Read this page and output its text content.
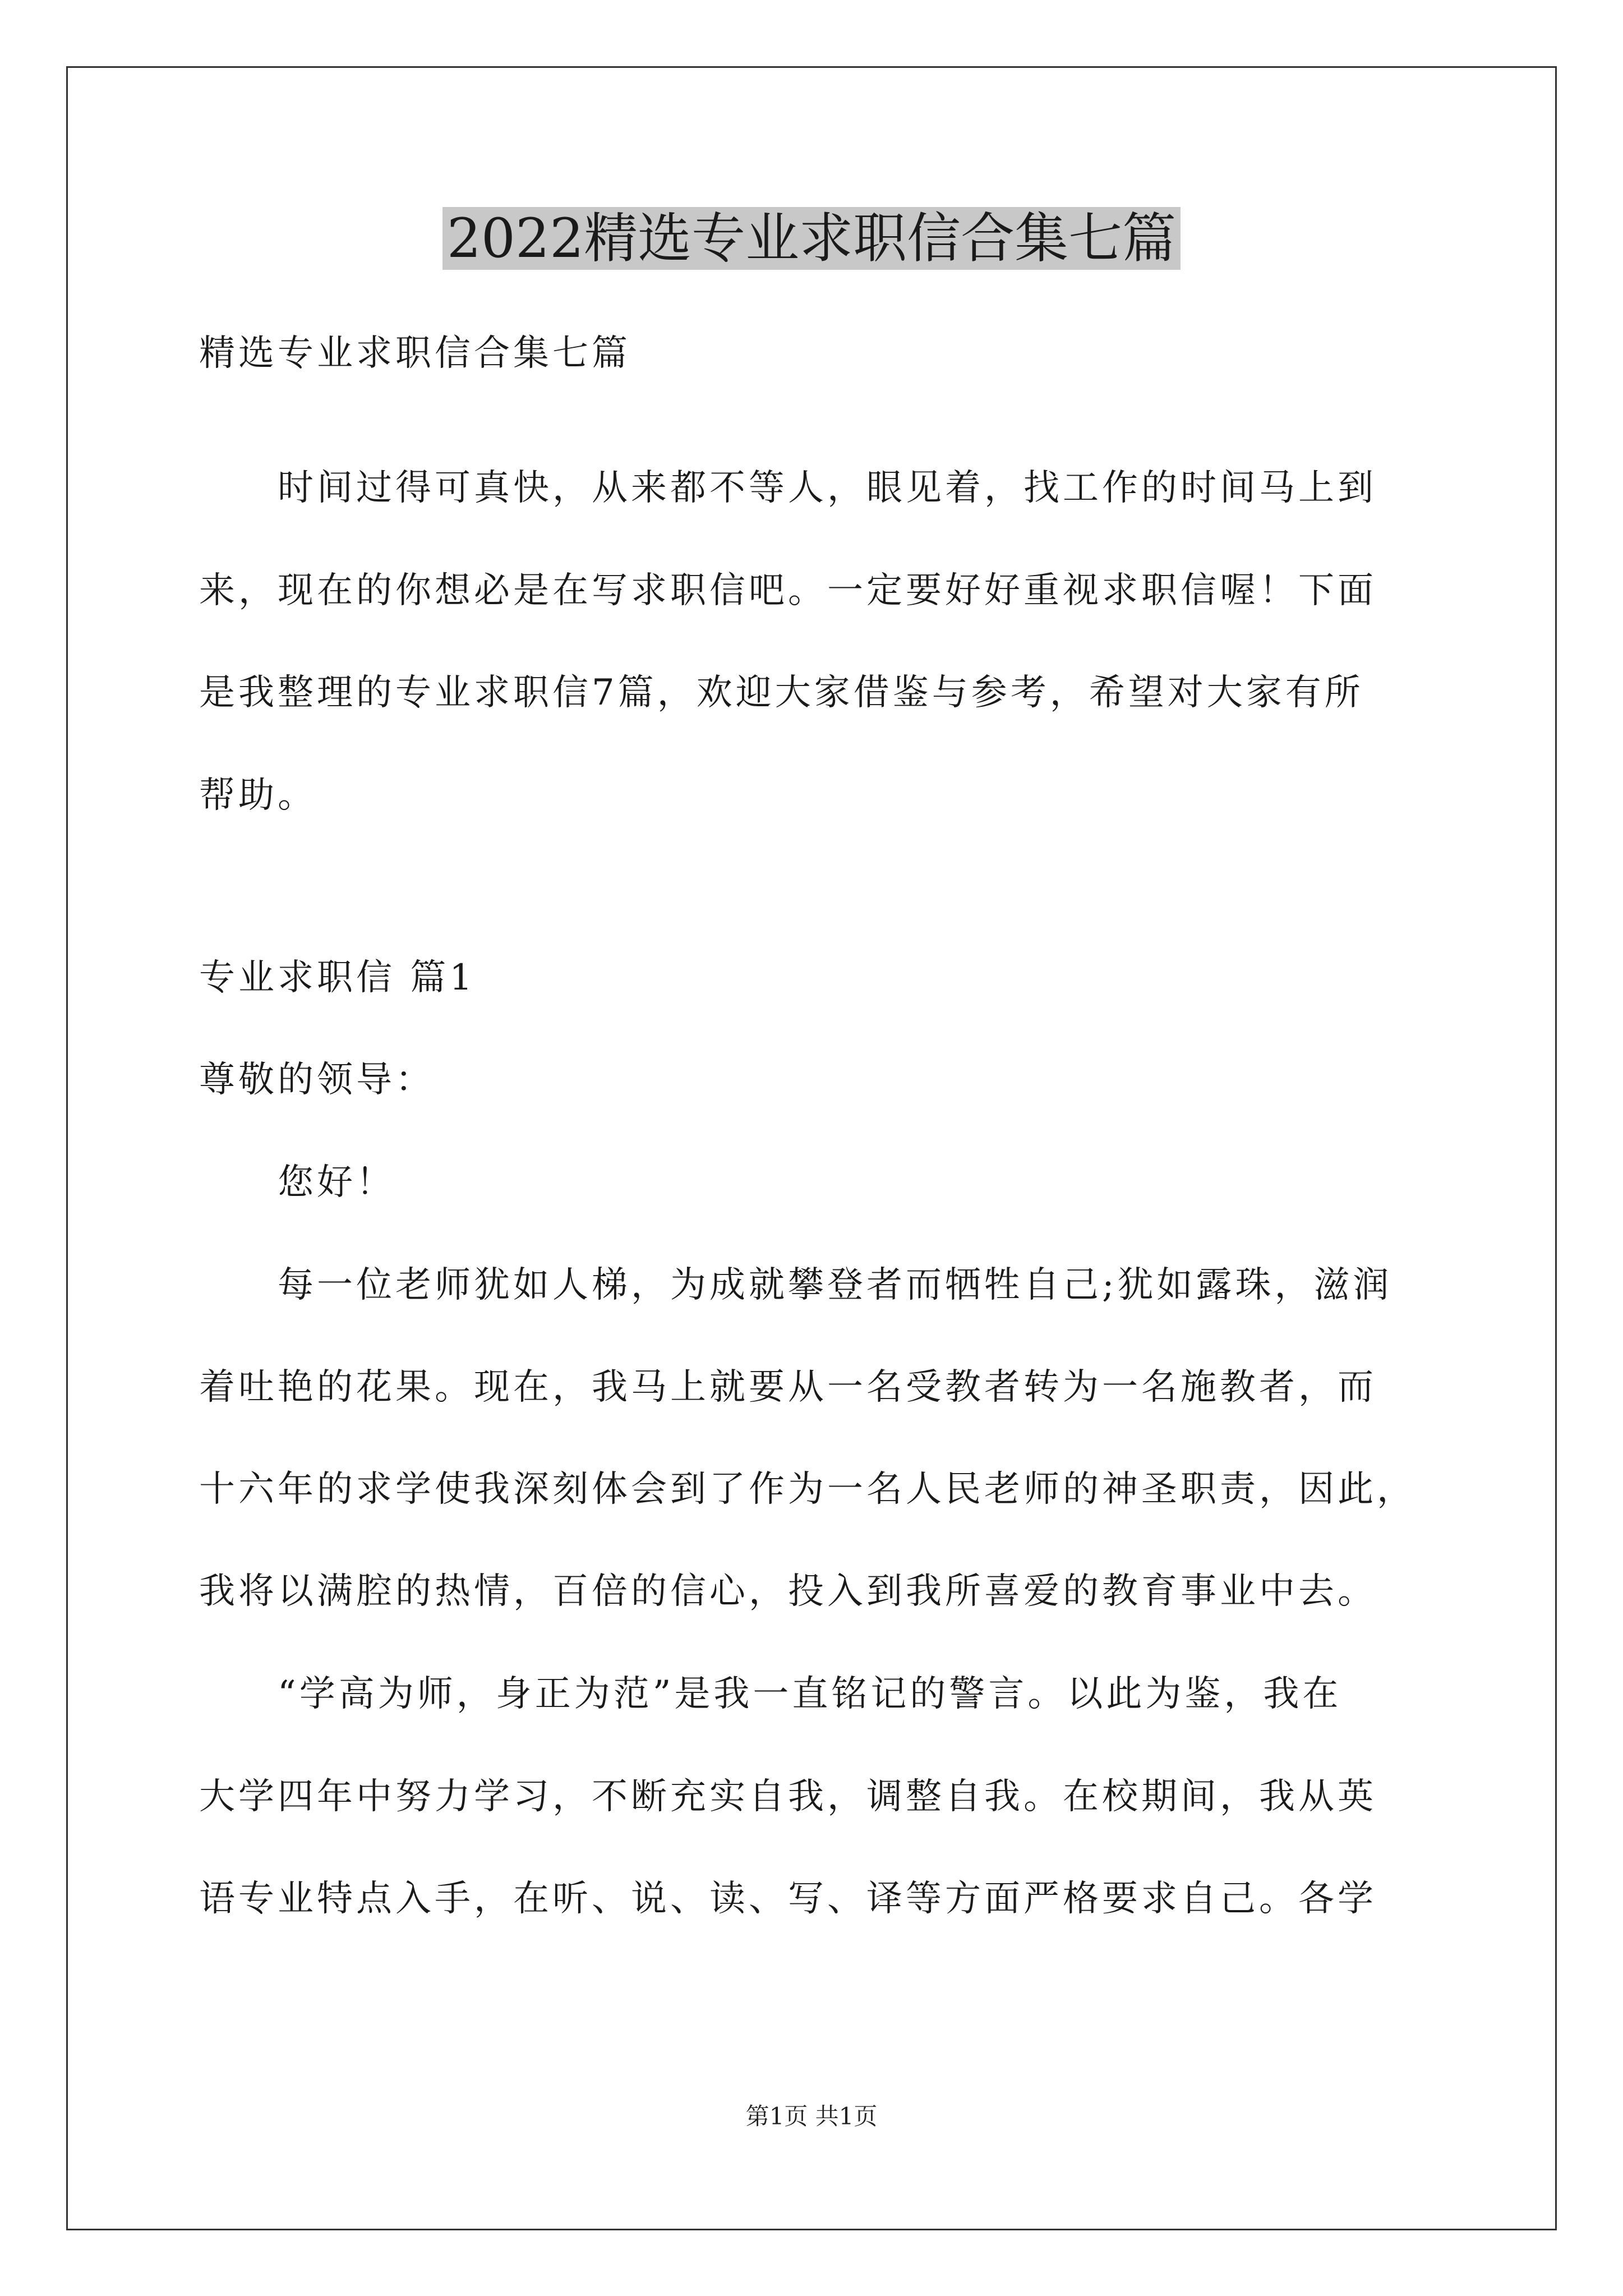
2022精选专业求职信合集七篇
精选专业求职信合集七篇
时间过得可真快，从来都不等人，眼见着，找工作的时间马上到
来，现在的你想必是在写求职信吧。一定要好好重视求职信喔！下面
是我整理的专业求职信7篇，欢迎大家借鉴与参考，希望对大家有所
帮助。
专业求职信 篇1
尊敬的领导：
您好！
每一位老师犹如人梯，为成就攀登者而牺牲自己;犹如露珠，滋润
着吐艳的花果。现在，我马上就要从一名受教者转为一名施教者，而
十六年的求学使我深刻体会到了作为一名人民老师的神圣职责，因此，
我将以满腔的热情，百倍的信心，投入到我所喜爱的教育事业中去。
“学高为师，身正为范”是我一直铭记的警言。以此为鉴，我在
大学四年中努力学习，不断充实自我，调整自我。在校期间，我从英
语专业特点入手，在听、说、读、写、译等方面严格要求自己。各学
第1页 共1页
